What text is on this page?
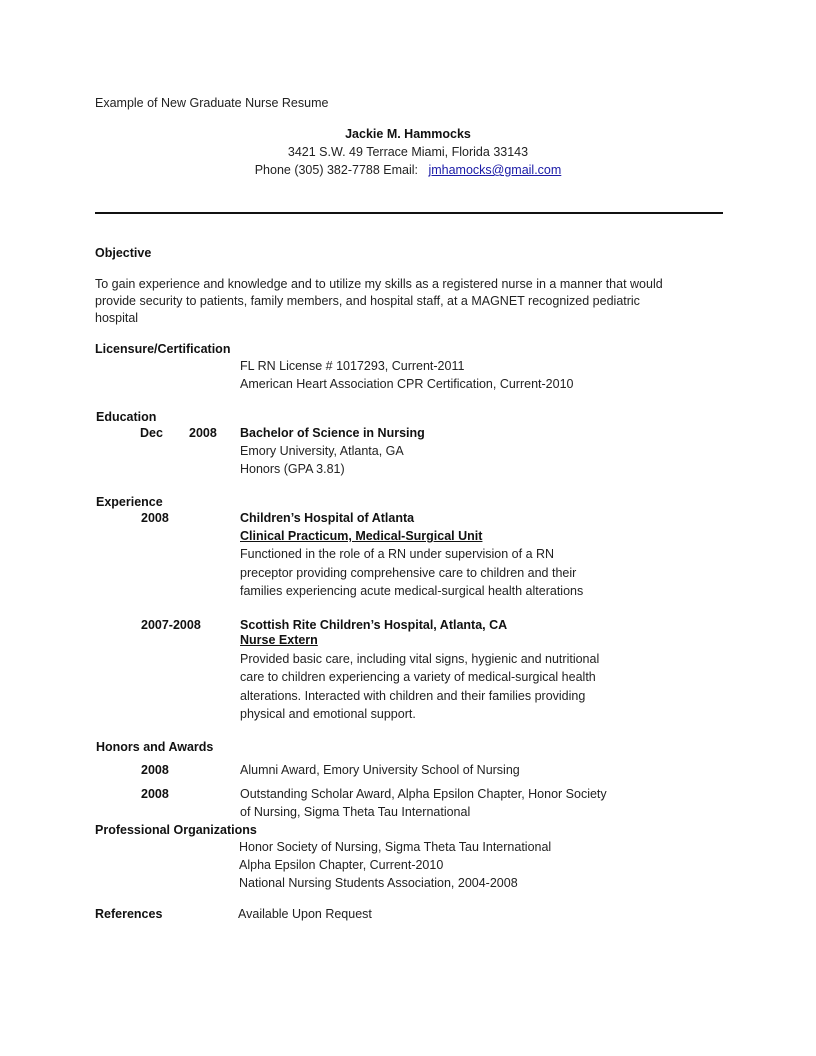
Example of New Graduate Nurse Resume
Jackie M. Hammocks
3421 S.W. 49 Terrace Miami, Florida 33143
Phone (305) 382-7788 Email: jmhamocks@gmail.com
Objective
To gain experience and knowledge and to utilize my skills as a registered nurse in a manner that would
provide security to patients, family members, and hospital staff, at a MAGNET recognized pediatric
hospital
Licensure/Certification
FL RN License # 1017293, Current-2011
American Heart Association CPR Certification, Current-2010
Education
Dec 2008 Bachelor of Science in Nursing
Emory University, Atlanta, GA
Honors (GPA 3.81)
Experience
2008	Children’s Hospital of Atlanta
Clinical Practicum, Medical-Surgical Unit
Functioned in the role of a RN under supervision of a RN
preceptor providing comprehensive care to children and their
families experiencing acute medical-surgical health alterations
2007-2008	Scottish Rite Children’s Hospital, Atlanta, CA
Nurse Extern
Provided basic care, including vital signs, hygienic and nutritional
care to children experiencing a variety of medical-surgical health
alterations. Interacted with children and their families providing
physical and emotional support.
Honors and Awards
2008	Alumni Award, Emory University School of Nursing
2008	Outstanding Scholar Award, Alpha Epsilon Chapter, Honor Society
of Nursing, Sigma Theta Tau International
Professional Organizations
Honor Society of Nursing, Sigma Theta Tau International
Alpha Epsilon Chapter, Current-2010
National Nursing Students Association, 2004-2008
References	Available Upon Request
